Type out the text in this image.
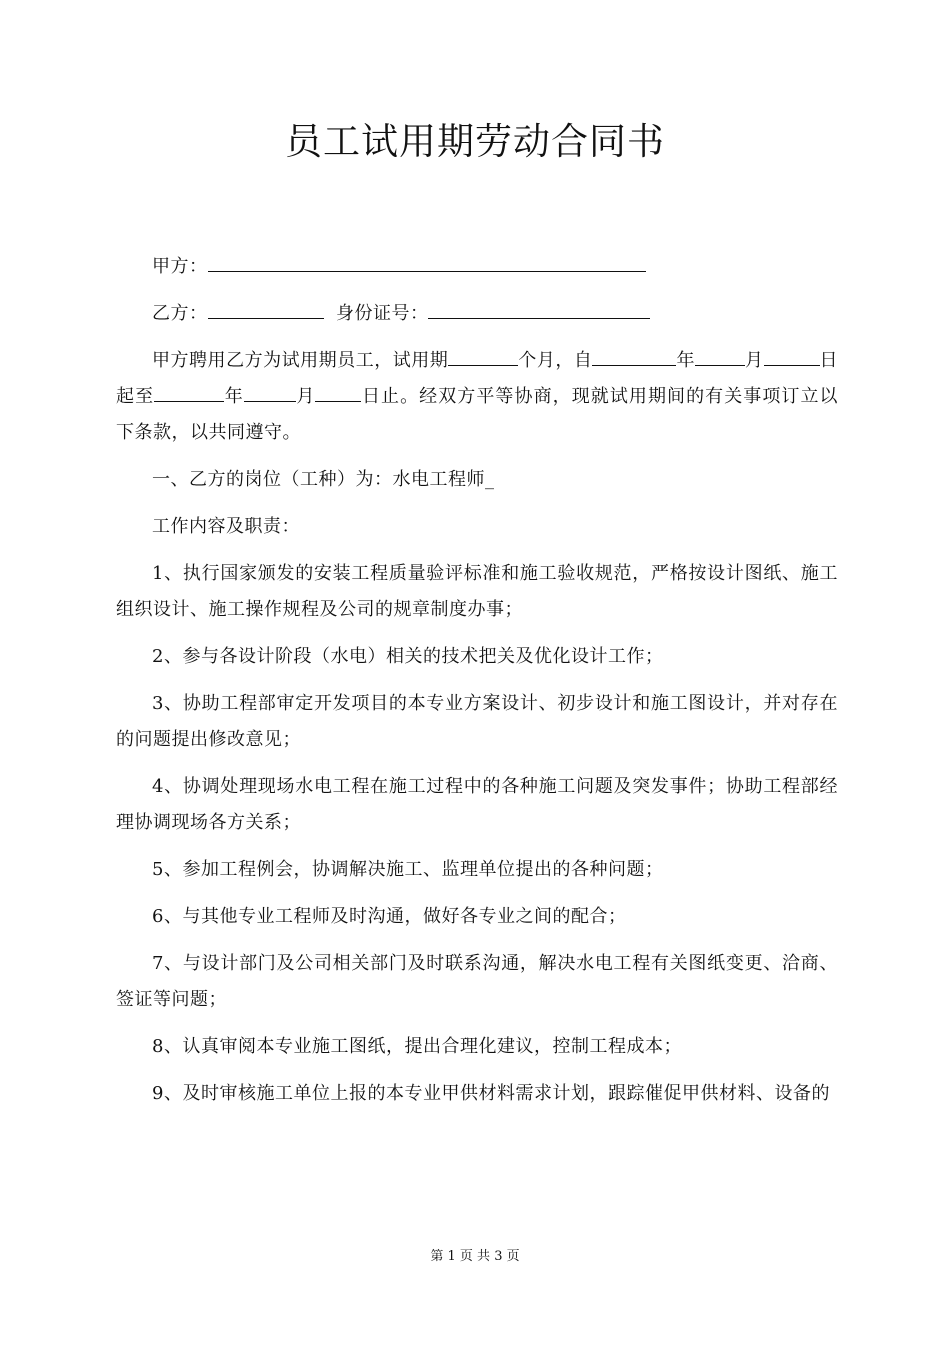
员工试用期劳动合同书

甲方：

乙方：	身份证号：

甲方聘用乙方为试用期员工，试用期	个月，自	年	月	日起至	年	月	日止。经双方平等协商，现就试用期间的有关事项订立以下条款，以共同遵守。

一、乙方的岗位（工种）为：水电工程师_

工作内容及职责：

1、执行国家颁发的安装工程质量验评标准和施工验收规范，严格按设计图纸、施工组织设计、施工操作规程及公司的规章制度办事；

2、参与各设计阶段（水电）相关的技术把关及优化设计工作；

3、协助工程部审定开发项目的本专业方案设计、初步设计和施工图设计，并对存在的问题提出修改意见；

4、协调处理现场水电工程在施工过程中的各种施工问题及突发事件；协助工程部经理协调现场各方关系；

5、参加工程例会，协调解决施工、监理单位提出的各种问题；

6、与其他专业工程师及时沟通，做好各专业之间的配合；

7、与设计部门及公司相关部门及时联系沟通，解决水电工程有关图纸变更、洽商、签证等问题；

8、认真审阅本专业施工图纸，提出合理化建议，控制工程成本；

9、及时审核施工单位上报的本专业甲供材料需求计划，跟踪催促甲供材料、设备的

第 1 页 共 3 页
